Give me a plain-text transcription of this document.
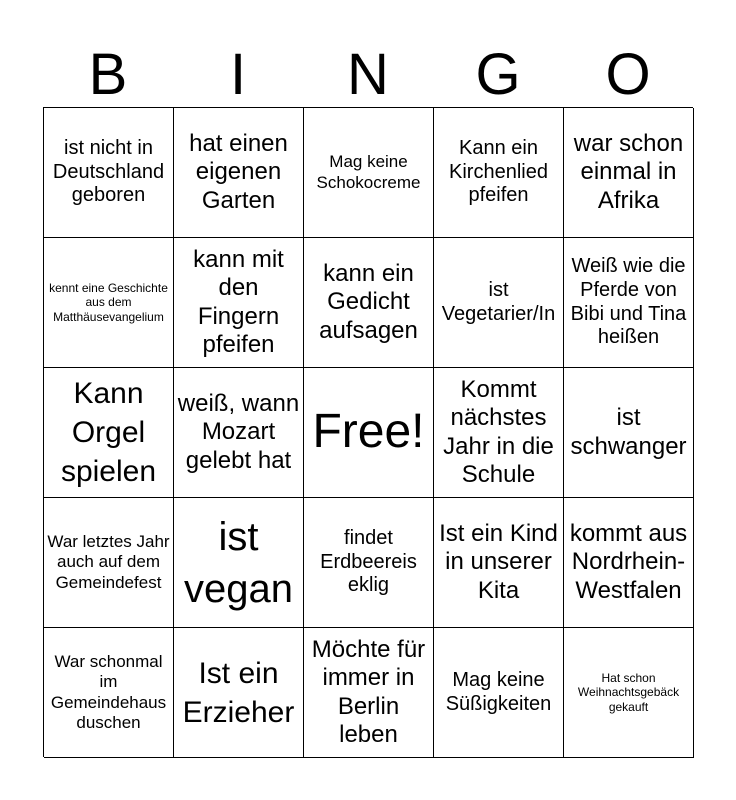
B	I	N	G	O
ist nicht in Deutschland geboren
hat einen eigenen Garten
Mag keine Schokocreme
Kann ein Kirchenlied pfeifen
war schon einmal in Afrika
kennt eine Geschichte aus dem Matthäusevangelium
kann mit den Fingern pfeifen
kann ein Gedicht aufsagen
ist Vegetarier/In
Weiß wie die Pferde von Bibi und Tina heißen
Kann Orgel spielen
weiß, wann Mozart gelebt hat
Free!
Kommt nächstes Jahr in die Schule
ist schwanger
War letztes Jahr auch auf dem Gemeindefest
ist vegan
findet Erdbeereis eklig
Ist ein Kind in unserer Kita
kommt aus Nordrhein-Westfalen
War schonmal im Gemeindehaus duschen
Ist ein Erzieher
Möchte für immer in Berlin leben
Mag keine Süßigkeiten
Hat schon Weihnachtsgebäck gekauft
